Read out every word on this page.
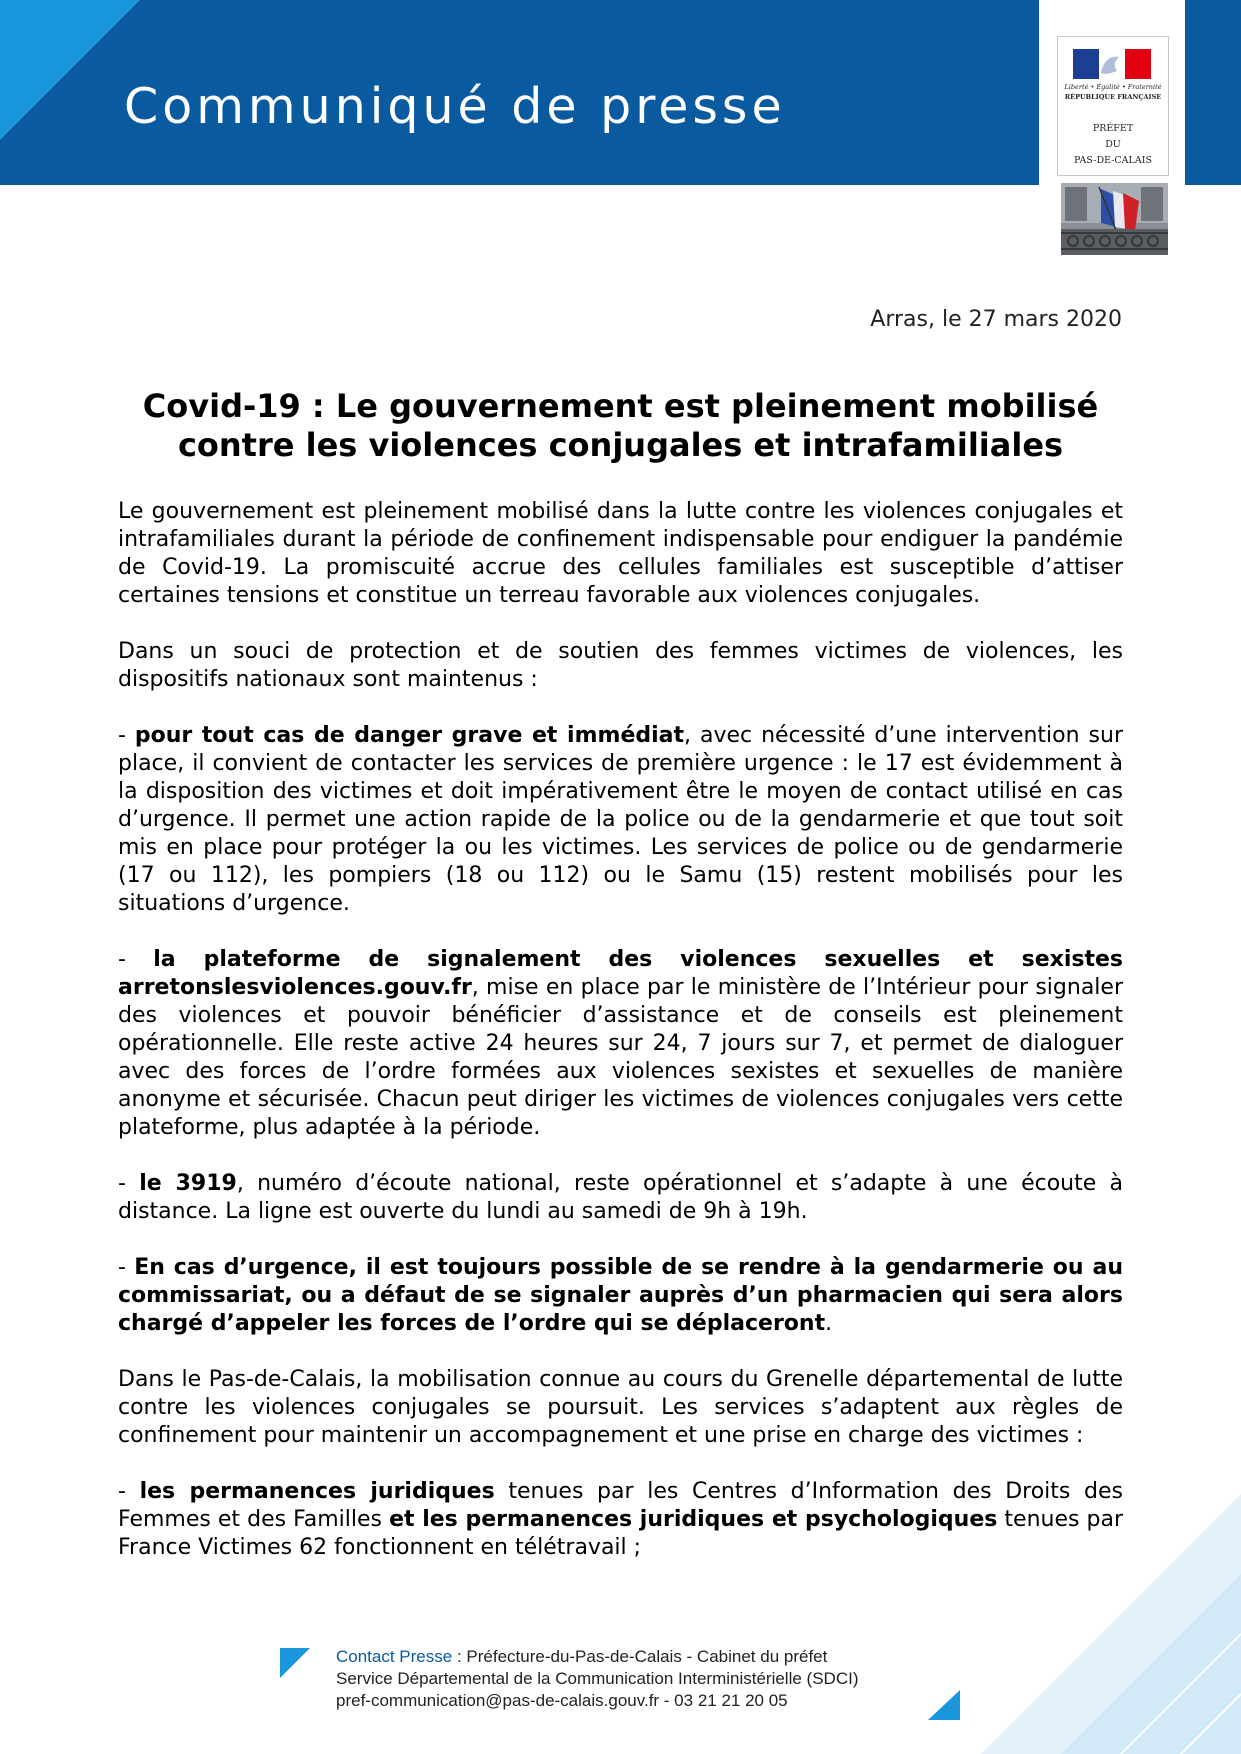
Communiqué de presse	Liberté • Égalité • Fraternité
RÉPUBLIQUE FRANÇAISE
PRÉFET
DU
PAS-DE-CALAIS
Arras, le 27 mars 2020
Covid-19 : Le gouvernement est pleinement mobilisé
contre les violences conjugales et intrafamiliales

Le gouvernement est pleinement mobilisé dans la lutte contre les violences conjugales et intrafamiliales durant la période de confinement indispensable pour endiguer la pandémie de Covid-19. La promiscuité accrue des cellules familiales est susceptible d’attiser certaines tensions et constitue un terreau favorable aux violences conjugales.

Dans un souci de protection et de soutien des femmes victimes de violences, les dispositifs nationaux sont maintenus :

- pour tout cas de danger grave et immédiat, avec nécessité d’une intervention sur place, il convient de contacter les services de première urgence : le 17 est évidemment à la disposition des victimes et doit impérativement être le moyen de contact utilisé en cas d’urgence. Il permet une action rapide de la police ou de la gendarmerie et que tout soit mis en place pour protéger la ou les victimes. Les services de police ou de gendarmerie (17 ou 112), les pompiers (18 ou 112) ou le Samu (15) restent mobilisés pour les situations d’urgence.

- la plateforme de signalement des violences sexuelles et sexistes arretonslesviolences.gouv.fr, mise en place par le ministère de l’Intérieur pour signaler des violences et pouvoir bénéficier d’assistance et de conseils est pleinement opérationnelle. Elle reste active 24 heures sur 24, 7 jours sur 7, et permet de dialoguer avec des forces de l’ordre formées aux violences sexistes et sexuelles de manière anonyme et sécurisée. Chacun peut diriger les victimes de violences conjugales vers cette plateforme, plus adaptée à la période.

- le 3919, numéro d’écoute national, reste opérationnel et s’adapte à une écoute à distance. La ligne est ouverte du lundi au samedi de 9h à 19h.

- En cas d’urgence, il est toujours possible de se rendre à la gendarmerie ou au commissariat, ou a défaut de se signaler auprès d’un pharmacien qui sera alors chargé d’appeler les forces de l’ordre qui se déplaceront.

Dans le Pas-de-Calais, la mobilisation connue au cours du Grenelle départemental de lutte contre les violences conjugales se poursuit. Les services s’adaptent aux règles de confinement pour maintenir un accompagnement et une prise en charge des victimes :

- les permanences juridiques tenues par les Centres d’Information des Droits des Femmes et des Familles et les permanences juridiques et psychologiques tenues par France Victimes 62 fonctionnent en télétravail ;

Contact Presse : Préfecture-du-Pas-de-Calais - Cabinet du préfet
Service Départemental de la Communication Interministérielle (SDCI)
pref-communication@pas-de-calais.gouv.fr - 03 21 21 20 05
